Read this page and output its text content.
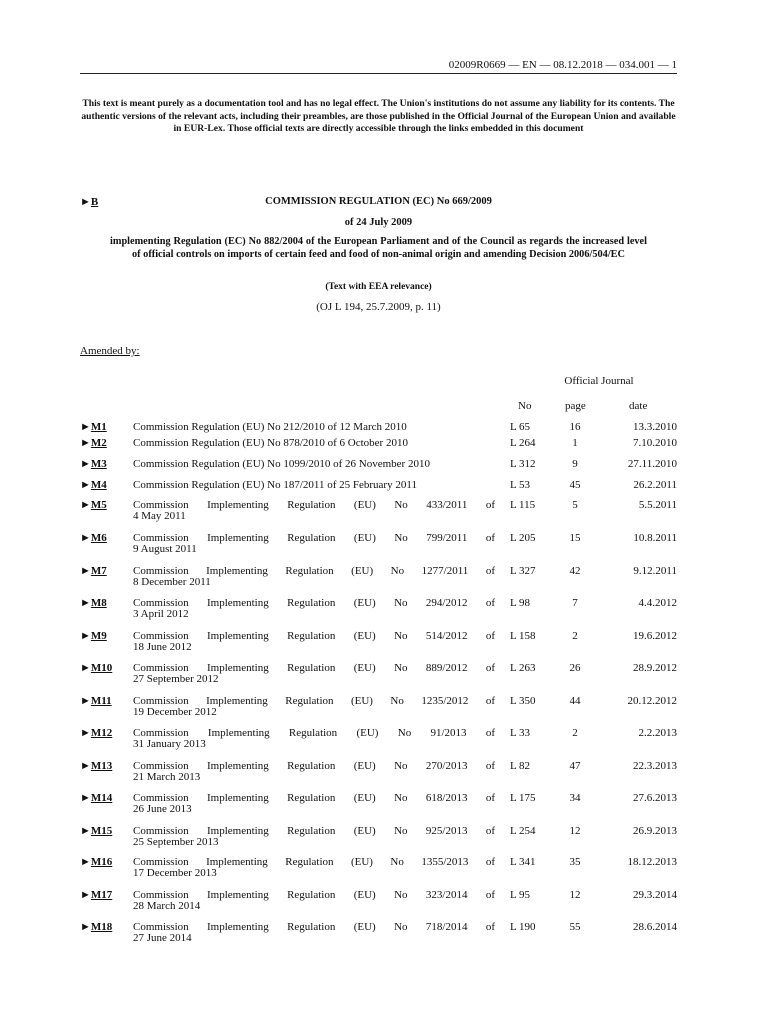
02009R0669 — EN — 08.12.2018 — 034.001 — 1
This text is meant purely as a documentation tool and has no legal effect. The Union's institutions do not assume any liability for its contents. The authentic versions of the relevant acts, including their preambles, are those published in the Official Journal of the European Union and available in EUR-Lex. Those official texts are directly accessible through the links embedded in this document
►B	COMMISSION REGULATION (EC) No 669/2009
of 24 July 2009
implementing Regulation (EC) No 882/2004 of the European Parliament and of the Council as regards the increased level of official controls on imports of certain feed and food of non-animal origin and amending Decision 2006/504/EC
(Text with EEA relevance)
(OJ L 194, 25.7.2009, p. 11)
Amended by:
Official Journal
No	page	date
►M1 Commission Regulation (EU) No 212/2010 of 12 March 2010	L 65	16	13.3.2010
►M2 Commission Regulation (EU) No 878/2010 of 6 October 2010	L 264	1	7.10.2010
►M3 Commission Regulation (EU) No 1099/2010 of 26 November 2010	L 312	9	27.11.2010
►M4 Commission Regulation (EU) No 187/2011 of 25 February 2011	L 53	45	26.2.2011
►M5 Commission Implementing Regulation (EU) No 433/2011 of
4 May 2011
L 115	5	5.5.2011
►M6 Commission Implementing Regulation (EU) No 799/2011 of
9 August 2011
L 205	15	10.8.2011
►M7 Commission Implementing Regulation (EU) No 1277/2011 of
8 December 2011
L 327	42	9.12.2011
►M8 Commission Implementing Regulation (EU) No 294/2012 of
3 April 2012
L 98	7	4.4.2012
►M9 Commission Implementing Regulation (EU) No 514/2012 of
18 June 2012
L 158	2	19.6.2012
►M10 Commission Implementing Regulation (EU) No 889/2012 of
27 September 2012
L 263	26	28.9.2012
►M11 Commission Implementing Regulation (EU) No 1235/2012 of
19 December 2012
L 350	44	20.12.2012
►M12 Commission Implementing Regulation (EU) No 91/2013 of
31 January 2013
L 33	2	2.2.2013
►M13 Commission Implementing Regulation (EU) No 270/2013 of
21 March 2013
L 82	47	22.3.2013
►M14 Commission Implementing Regulation (EU) No 618/2013 of
26 June 2013
L 175	34	27.6.2013
►M15 Commission Implementing Regulation (EU) No 925/2013 of
25 September 2013
L 254	12	26.9.2013
►M16 Commission Implementing Regulation (EU) No 1355/2013 of
17 December 2013
L 341	35	18.12.2013
►M17 Commission Implementing Regulation (EU) No 323/2014 of
28 March 2014
L 95	12	29.3.2014
►M18 Commission Implementing Regulation (EU) No 718/2014 of
27 June 2014
L 190	55	28.6.2014
